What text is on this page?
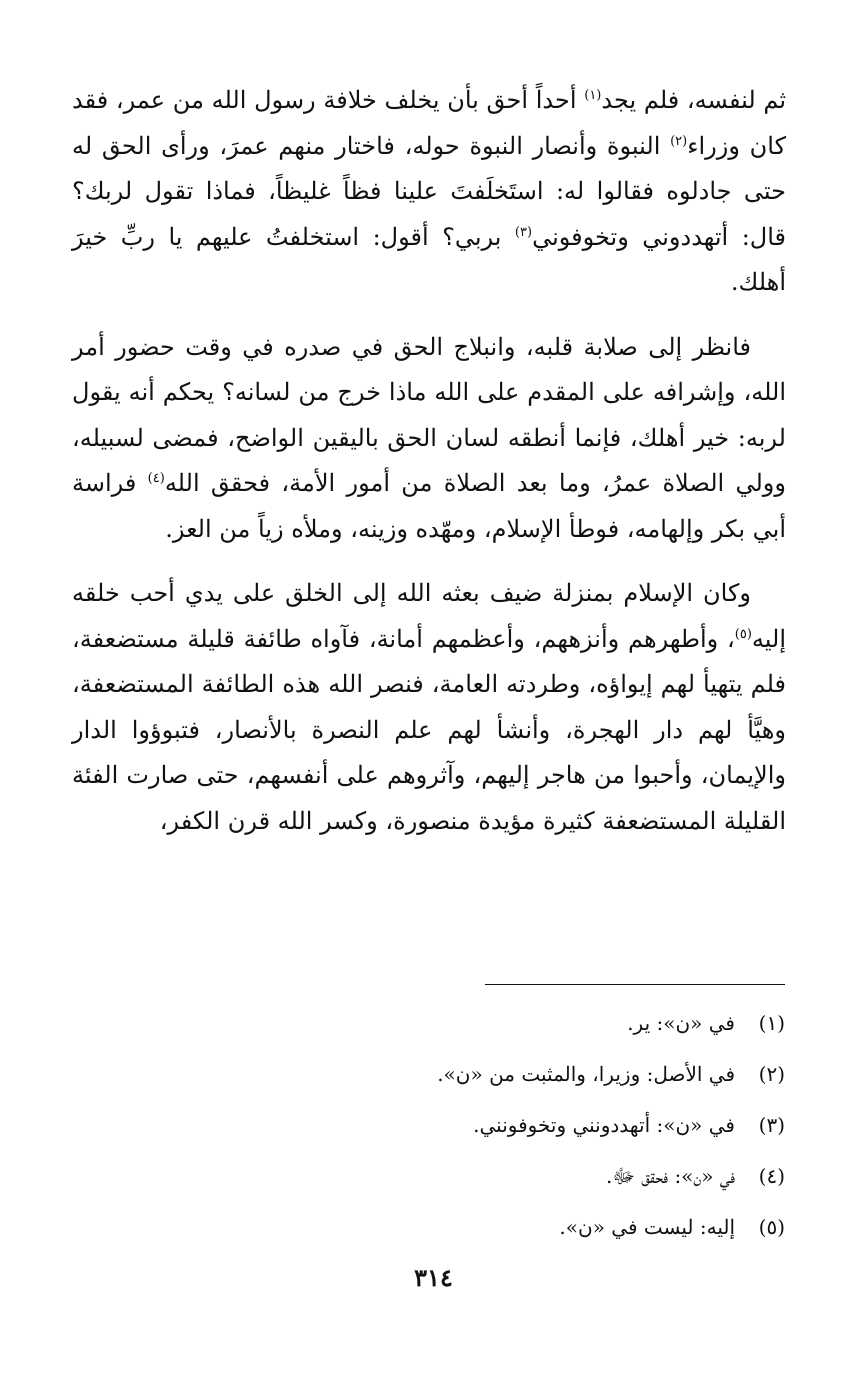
ثم لنفسه، فلم يجد$^{(١)}$ أحداً أحق بأن يخلف خلافة رسول الله من عمر، فقد كان وزراء$^{(٢)}$ النبوة وأنصار النبوة حوله، فاختار منهم عمرَ، ورأى الحق له حتى جادلوه فقالوا له: استَخلَفتَ علينا فظاً غليظاً، فماذا تقول لربك؟ قال: أتهددوني وتخوفوني$^{(٣)}$ بربي؟ أقول: استخلفتُ عليهم يا ربِّ خيرَ أهلك.

فانظر إلى صلابة قلبه، وانبلاج الحق في صدره في وقت حضور أمر الله، وإشرافه على المقدم على الله ماذا خرج من لسانه؟ يحكم أنه يقول لربه: خير أهلك، فإنما أنطقه لسان الحق باليقين الواضح، فمضى لسبيله، وولي الصلاة عمرُ، وما بعد الصلاة من أمور الأمة، فحقق الله$^{(٤)}$ فراسة أبي بكر وإلهامه، فوطأ الإسلام، ومهّده وزينه، وملأه زياً من العز.

وكان الإسلام بمنزلة ضيف بعثه الله إلى الخلق على يدي أحب خلقه إليه$^{(٥)}$، وأطهرهم وأنزههم، وأعظمهم أمانة، فآواه طائفة قليلة مستضعفة، فلم يتهيأ لهم إيواؤه، وطردته العامة، فنصر الله هذه الطائفة المستضعفة، وهيَّأ لهم دار الهجرة، وأنشأ لهم علم النصرة بالأنصار، فتبوؤوا الدار والإيمان، وأحبوا من هاجر إليهم، وآثروهم على أنفسهم، حتى صارت الفئة القليلة المستضعفة كثيرة مؤيدة منصورة، وكسر الله قرن الكفر،

(١)
في «ن»: ير.
(٢)
في الأصل: وزيرا، والمثبت من «ن».
(٣)
في «ن»: أتهددونني وتخوفونني.
(٤)
في «ن»: فحقق ﷻ.
(٥)
إليه: ليست في «ن».
٣١٤
